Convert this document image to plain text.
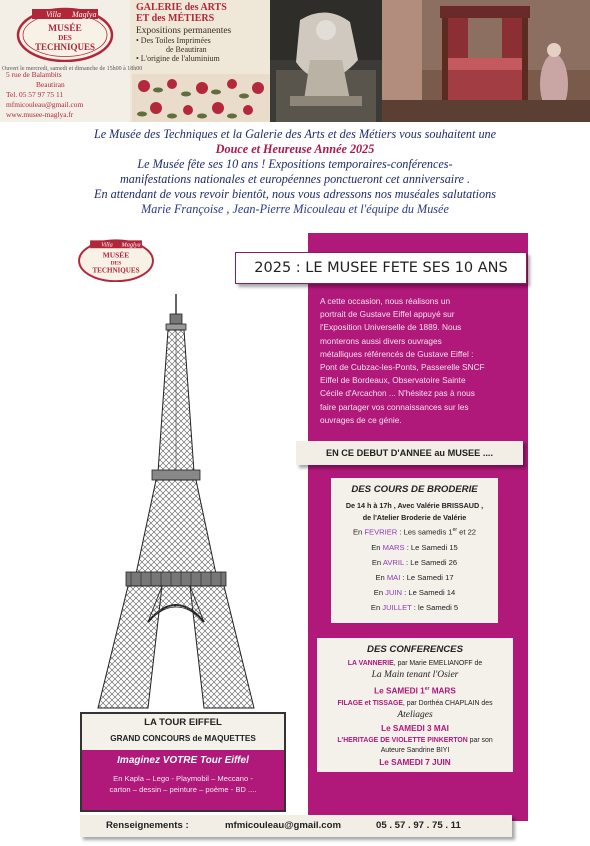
Villa Maglya
MUSÉE
DES
TECHNIQUES
5 rue de Balambits
Beautiran
Tel. 05 57 97 75 11
mfmicouleau@gmail.com
www.musee-maglya.fr
GALERIE des ARTS
ET des MÉTIERS
Expositions permanentes
• Des Toiles Imprimées
de Beautiran
• L'origine de l'aluminium
Ouvert le mercredi, samedi et dimanche de 15h00 à 18h00
Le Musée des Techniques et la Galerie des Arts et des Métiers vous souhaitent une
Douce et Heureuse Année 2025
Le Musée fête ses 10 ans ! Expositions temporaires-conférences-
manifestations nationales et européennes ponctueront cet anniversaire .
En attendant de vous revoir bientôt, nous vous adressons nos muséales salutations
Marie Françoise , Jean-Pierre Micouleau et l'équipe du Musée
Villa Maglya
MUSÉE
DES
TECHNIQUES	2025 : LE MUSEE FETE SES 10 ANS
A cette occasion, nous réalisons un
portrait de Gustave Eiffel appuyé sur
l'Exposition Universelle de 1889. Nous
monterons aussi divers ouvrages
métalliques référencés de Gustave Eiffel :
Pont de Cubzac-les-Ponts, Passerelle SNCF
Eiffel de Bordeaux, Observatoire Sainte
Cécile d'Arcachon ... N'hésitez pas à nous
faire partager vos connaissances sur les
ouvrages de ce génie.
EN CE DEBUT D'ANNEE au MUSEE ....
DES COURS DE BRODERIE
De 14 h à 17h , Avec Valérie BRISSAUD ,
de l'Atelier Broderie de Valérie
En FEVRIER : Les samedis 1er et 22
En MARS : Le Samedi 15
En AVRIL : Le Samedi 26
En MAI : Le Samedi 17
En JUIN : Le Samedi 14
En JUILLET : le Samedi 5
DES CONFERENCES
LA VANNERIE, par Marie EMELIANOFF de
La Main tenant l'Osier
Le SAMEDI 1er MARS
FILAGE et TISSAGE, par Dorthéa CHAPLAIN des
Ateliages
Le SAMEDI 3 MAI
L'HERITAGE DE VIOLETTE PINKERTON par son
Auteure Sandrine BIYI
Le SAMEDI 7 JUIN
LA TOUR EIFFEL
GRAND CONCOURS de MAQUETTES
Imaginez VOTRE Tour Eiffel
En Kapla – Lego - Playmobil – Meccano -
carton – dessin – peinture – poème - BD ....
Renseignements :	mfmicouleau@gmail.com	05 . 57 . 97 . 75 . 11
